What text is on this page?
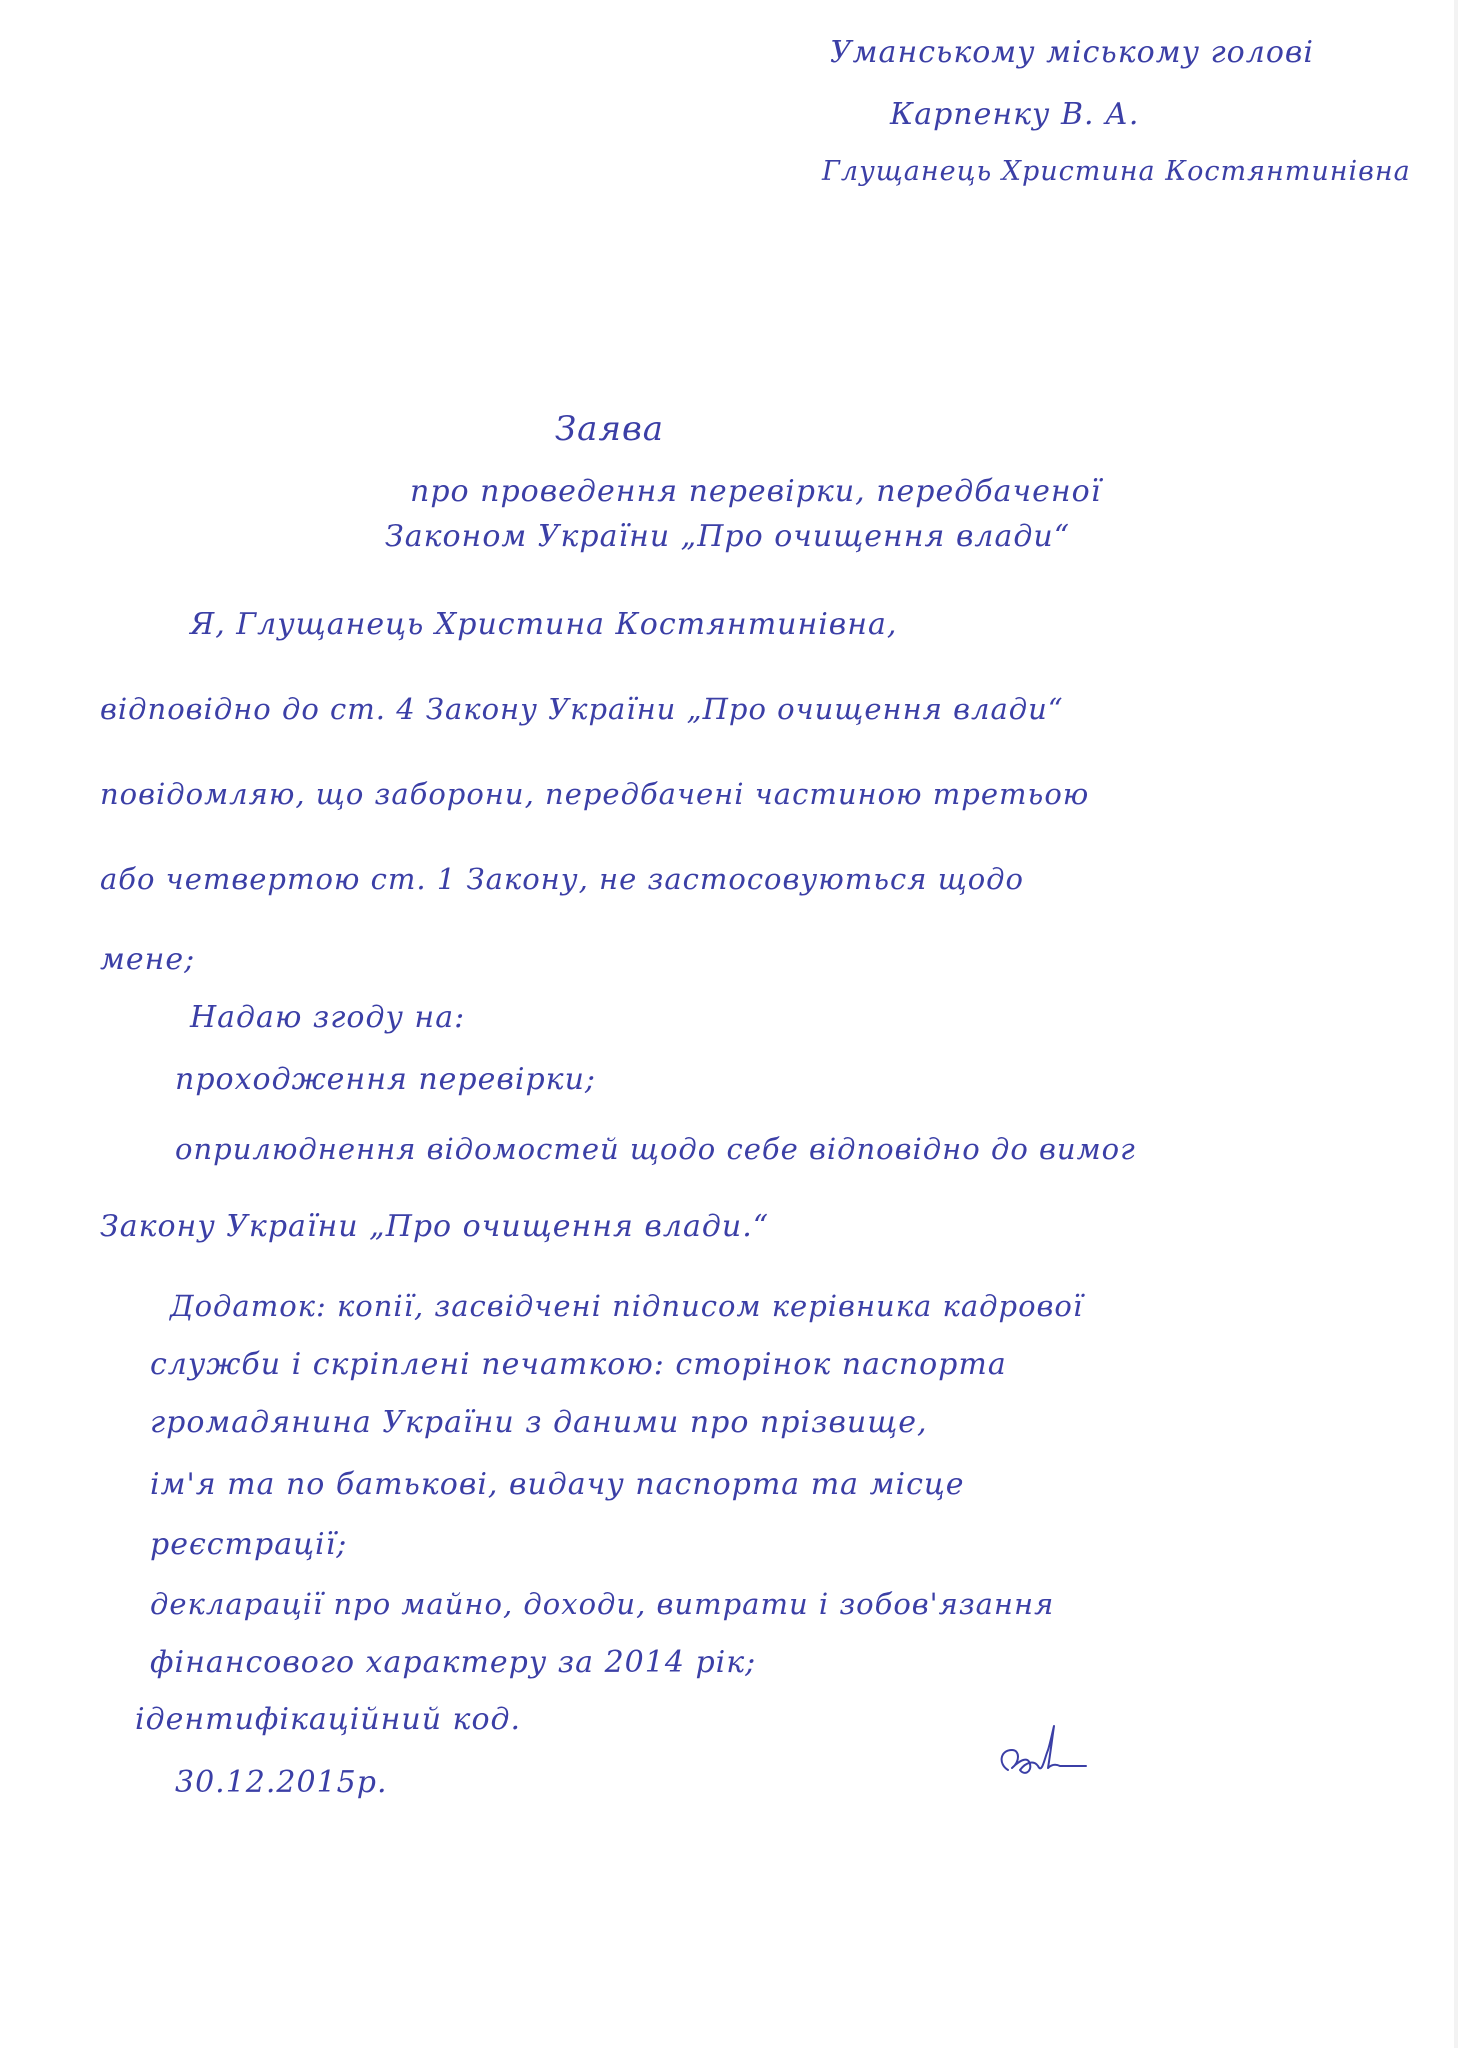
Уманському міському голові
Карпенку В. А.
Глущанець Христина Костянтинівна
Заява
про проведення перевірки, передбаченої
Законом України „Про очищення влади“
Я, Глущанець Христина Костянтинівна,
відповідно до ст. 4 Закону України „Про очищення влади“
повідомляю, що заборони, передбачені частиною третьою
або четвертою ст. 1 Закону, не застосовуються щодо
мене;
Надаю згоду на:
проходження перевірки;
оприлюднення відомостей щодо себе відповідно до вимог
Закону України „Про очищення влади.“
Додаток: копії, засвідчені підписом керівника кадрової
служби і скріплені печаткою: сторінок паспорта
громадянина України з даними про прізвище,
ім'я та по батькові, видачу паспорта та місце
реєстрації;
декларації про майно, доходи, витрати і зобов'язання
фінансового характеру за 2014 рік;
ідентифікаційний код.
30.12.2015р.
